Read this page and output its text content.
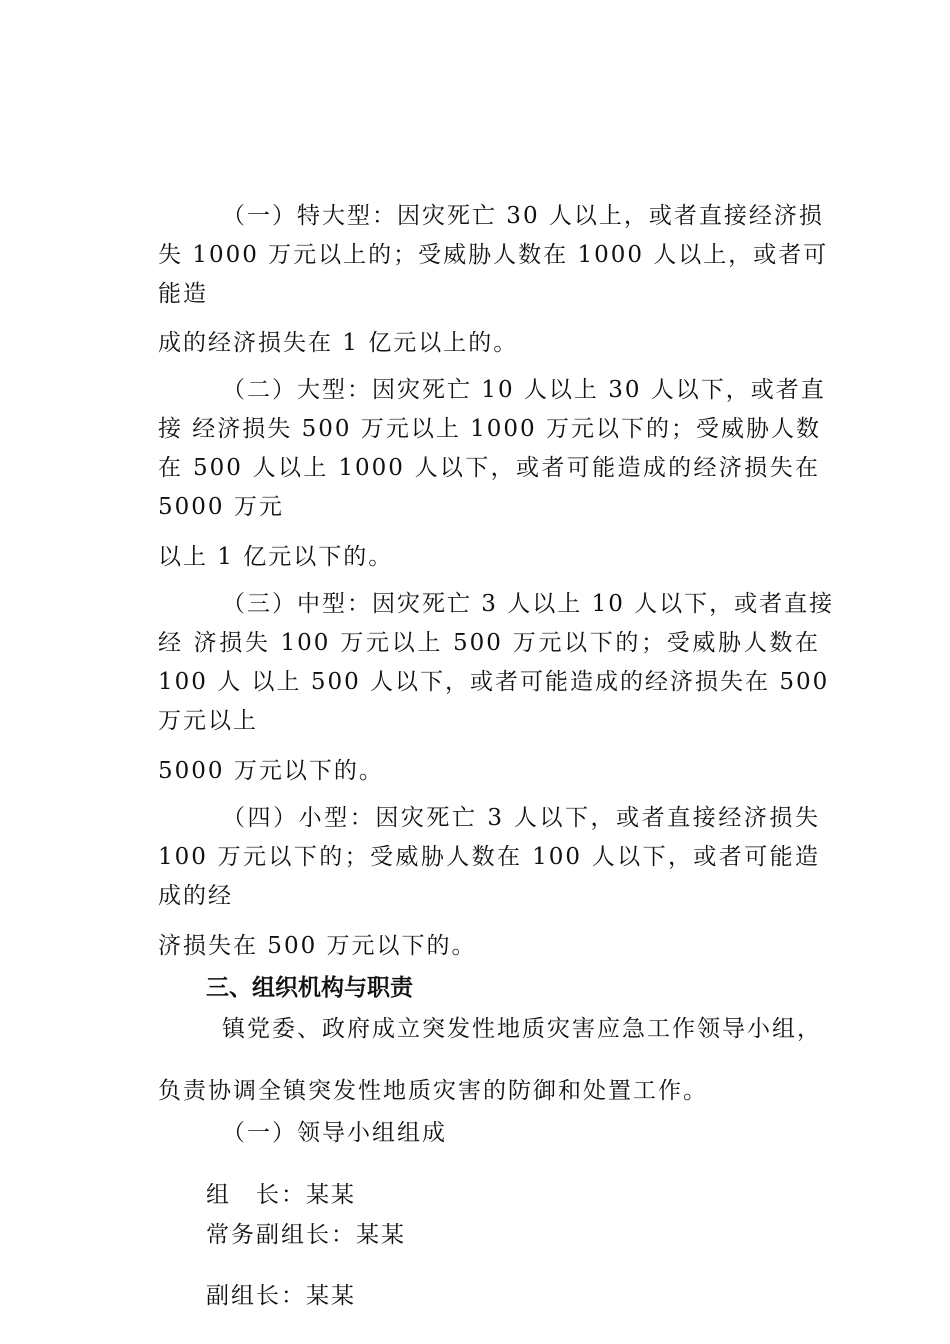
（一）特大型：因灾死亡 30 人以上，或者直接经济损

失 1000 万元以上的；受威胁人数在 1000 人以上，或者可

能造

成的经济损失在 1 亿元以上的。

（二）大型：因灾死亡 10 人以上 30 人以下，或者直

接 经济损失 500 万元以上 1000 万元以下的；受威胁人数

在 500 人以上 1000 人以下，或者可能造成的经济损失在

5000 万元

以上 1 亿元以下的。

（三）中型：因灾死亡 3 人以上 10 人以下，或者直接

经 济损失 100 万元以上 500 万元以下的；受威胁人数在

100 人 以上 500 人以下，或者可能造成的经济损失在 500

万元以上

5000 万元以下的。

（四）小型：因灾死亡 3 人以下，或者直接经济损失

100 万元以下的；受威胁人数在 100 人以下，或者可能造

成的经

济损失在 500 万元以下的。

三、组织机构与职责

镇党委、政府成立突发性地质灾害应急工作领导小组，

负责协调全镇突发性地质灾害的防御和处置工作。

（一）领导小组组成

组　长：某某

常务副组长：某某

副组长：某某
